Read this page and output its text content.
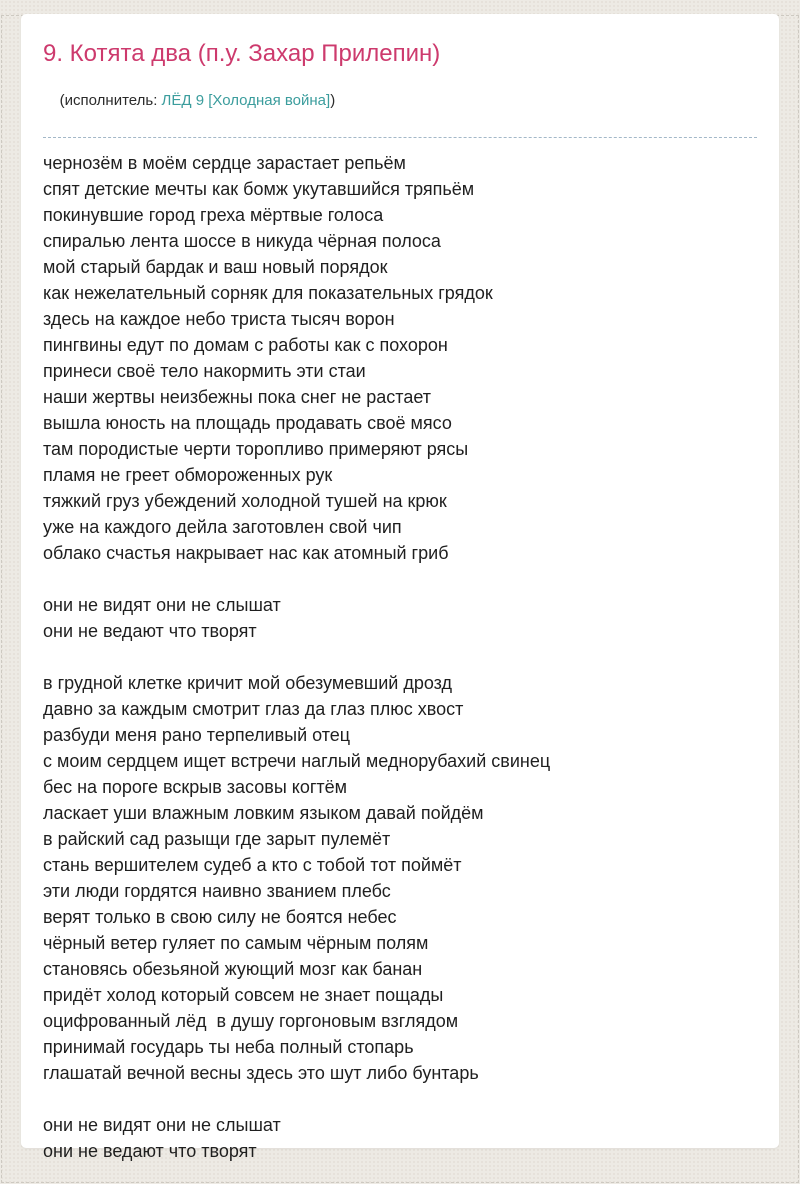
9. Котята два (п.у. Захар Прилепин)

(исполнитель: ЛЁД 9 [Холодная война])

чернозём в моём сердце зарастает репьём
спят детские мечты как бомж укутавшийся тряпьём
покинувшие город греха мёртвые голоса
спиралью лента шоссе в никуда чёрная полоса
мой старый бардак и ваш новый порядок
как нежелательный сорняк для показательных грядок
здесь на каждое небо триста тысяч ворон
пингвины едут по домам с работы как с похорон
принеси своё тело накормить эти стаи
наши жертвы неизбежны пока снег не растает
вышла юность на площадь продавать своё мясо
там породистые черти торопливо примеряют рясы
пламя не греет обмороженных рук
тяжкий груз убеждений холодной тушей на крюк
уже на каждого дейла заготовлен свой чип
облако счастья накрывает нас как атомный гриб
они не видят они не слышат
они не ведают что творят
в грудной клетке кричит мой обезумевший дрозд
давно за каждым смотрит глаз да глаз плюс хвост
разбуди меня рано терпеливый отец
с моим сердцем ищет встречи наглый меднорубахий свинец
бес на пороге вскрыв засовы когтём
ласкает уши влажным ловким языком давай пойдём
в райский сад разыщи где зарыт пулемёт
стань вершителем судеб а кто с тобой тот поймёт
эти люди гордятся наивно званием плебс
верят только в свою силу не боятся небес
чёрный ветер гуляет по самым чёрным полям
становясь обезьяной жующий мозг как банан
придёт холод который совсем не знает пощады
оцифрованный лёд  в душу горгоновым взглядом
принимай государь ты неба полный стопарь
глашатай вечной весны здесь это шут либо бунтарь
они не видят они не слышат
они не ведают что творят
